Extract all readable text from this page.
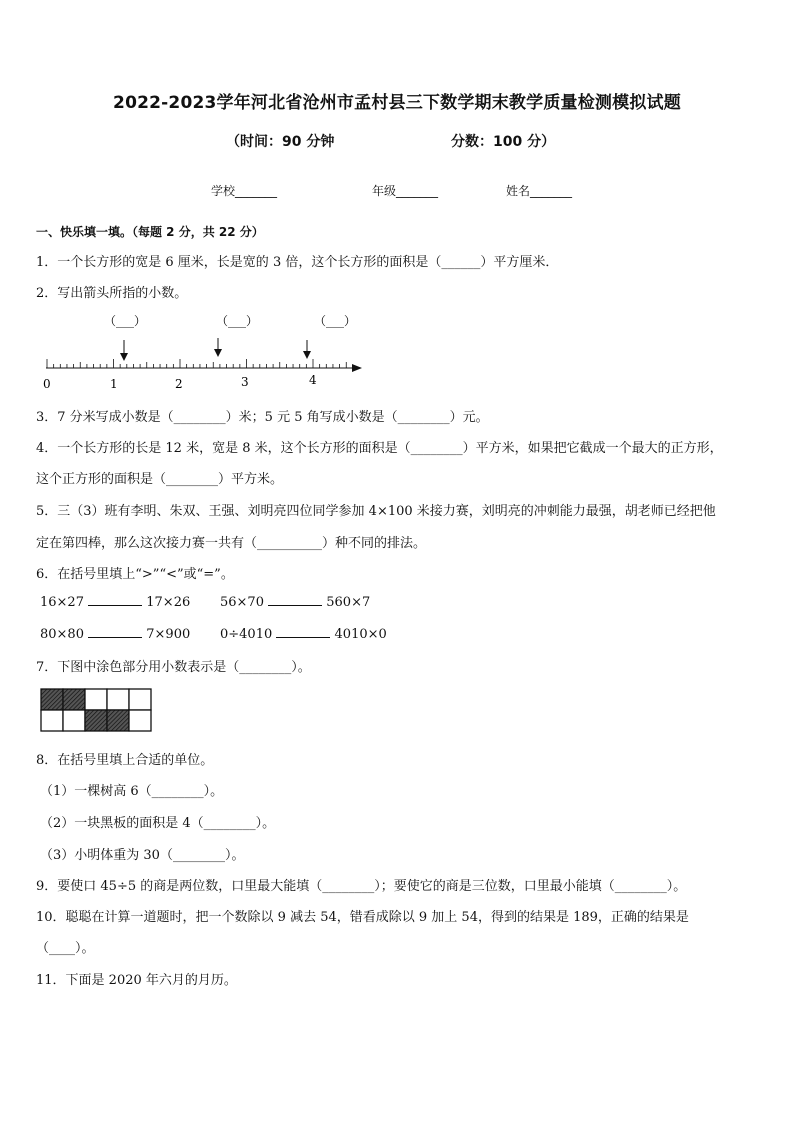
2022-2023学年河北省沧州市孟村县三下数学期末教学质量检测模拟试题
（时间：90 分钟	分数：100 分）
学校_______	年级_______	姓名_______
一、快乐填一填。（每题 2 分，共 22 分）
1．一个长方形的宽是 6 厘米，长是宽的 3 倍，这个长方形的面积是（______）平方厘米．
2．写出箭头所指的小数。
（___）	（___）	（___）
0	1	2	3	4
3．7 分米写成小数是（________）米；5 元 5 角写成小数是（________）元。
4．一个长方形的长是 12 米，宽是 8 米，这个长方形的面积是（________）平方米，如果把它截成一个最大的正方形，
这个正方形的面积是（________）平方米。
5．三（3）班有李明、朱双、王强、刘明亮四位同学参加 4×100 米接力赛，刘明亮的冲刺能力最强，胡老师已经把他
定在第四棒，那么这次接力赛一共有（__________）种不同的排法。
6．在括号里填上“>”“<”或“=”。
16×27	17×26 56×70	560×7
80×80	7×900 0÷4010	4010×0
7．下图中涂色部分用小数表示是（________）。
8．在括号里填上合适的单位。
（1）一棵树高 6（________）。
（2）一块黑板的面积是 4（________）。
（3）小明体重为 30（________）。
9．要使口 45÷5 的商是两位数，口里最大能填（________）；要使它的商是三位数，口里最小能填（________）。
10．聪聪在计算一道题时，把一个数除以 9 减去 54，错看成除以 9 加上 54，得到的结果是 189，正确的结果是
（____）。
11．下面是 2020 年六月的月历。
